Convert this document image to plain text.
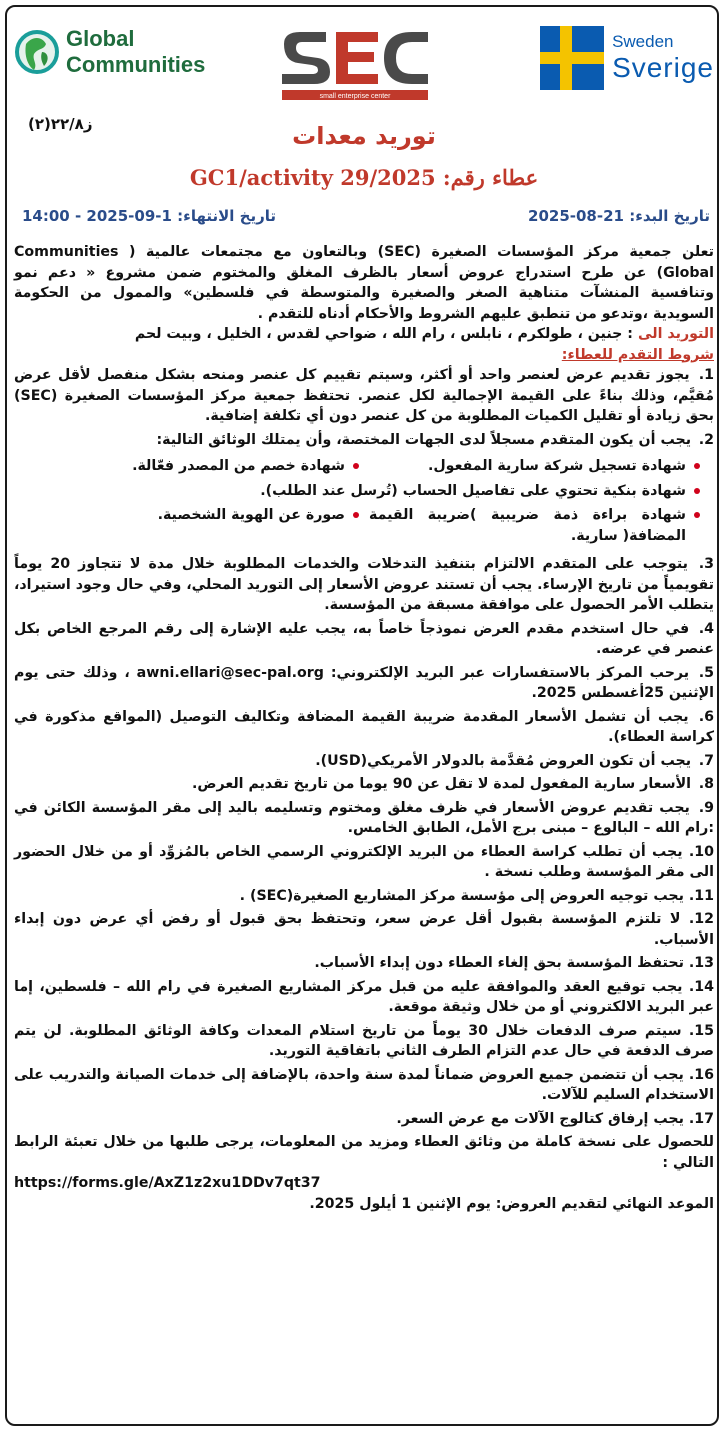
Global
Communities
small enterprise center
Sweden
Sverige
ز٢٢/٨(٢)	توريد معدات
عطاء رقم: GC1/activity 29/2025
تاريخ البدء: 21-08-2025
تاريخ الانتهاء: 1-09-2025 - 14:00

تعلن جمعية مركز المؤسسات الصغيرة (SEC) وبالتعاون مع مجتمعات عالمية ( Communities Global) عن طرح استدراج عروض أسعار بالظرف المغلق والمختوم ضمن مشروع « دعم نمو وتنافسية المنشآت متناهية الصغر والصغيرة والمتوسطة في فلسطين» والممول من الحكومة السويدية ،وتدعو من تنطبق عليهم الشروط والأحكام أدناه للتقدم .

التوريد الى : جنين ، طولكرم ، نابلس ، رام الله ، ضواحي لقدس ، الخليل ، وبيت لحم

شروط التقدم للعطاء:

1. يجوز تقديم عرض لعنصر واحد أو أكثر، وسيتم تقييم كل عنصر ومنحه بشكل منفصل لأقل عرض مُقيَّم، وذلك بناءً على القيمة الإجمالية لكل عنصر. تحتفظ جمعية مركز المؤسسات الصغيرة (SEC) بحق زيادة أو تقليل الكميات المطلوبة من كل عنصر دون أي تكلفة إضافية.
2. يجب أن يكون المتقدم مسجلاً لدى الجهات المختصة، وأن يمتلك الوثائق التالية:
شهادة تسجيل شركة سارية المفعول.
شهادة خصم من المصدر فعّالة.
شهادة بنكية تحتوي على تفاصيل الحساب (تُرسل عند الطلب).
شهادة براءة ذمة ضريبية )ضريبة القيمة المضافة( سارية.
صورة عن الهوية الشخصية.
3. يتوجب على المتقدم الالتزام بتنفيذ التدخلات والخدمات المطلوبة خلال مدة لا تتجاوز 20 يوماً تقويمياً من تاريخ الإرساء. يجب أن تستند عروض الأسعار إلى التوريد المحلي، وفي حال وجود استيراد، يتطلب الأمر الحصول على موافقة مسبقة من المؤسسة.
4. في حال استخدم مقدم العرض نموذجاً خاصاً به، يجب عليه الإشارة إلى رقم المرجع الخاص بكل عنصر في عرضه.
5. يرحب المركز بالاستفسارات عبر البريد الإلكتروني: awni.ellari@sec-pal.org ، وذلك حتى يوم الإثنين 25أغسطس 2025.
6. يجب أن تشمل الأسعار المقدمة ضريبة القيمة المضافة وتكاليف التوصيل (المواقع مذكورة في كراسة العطاء).
7. يجب أن تكون العروض مُقدَّمة بالدولار الأمريكي(USD).
8. الأسعار سارية المفعول لمدة لا تقل عن 90 يوما من تاريخ تقديم العرض.
9. يجب تقديم عروض الأسعار في ظرف مغلق ومختوم وتسليمه باليد إلى مقر المؤسسة الكائن في :رام الله – البالوع – مبنى برج الأمل، الطابق الخامس.
10. يجب أن تطلب كراسة العطاء من البريد الإلكتروني الرسمي الخاص بالمُزوِّد أو من خلال الحضور الى مقر المؤسسة وطلب نسخة .
11. يجب توجيه العروض إلى مؤسسة مركز المشاريع الصغيرة(SEC) .
12. لا تلتزم المؤسسة بقبول أقل عرض سعر، وتحتفظ بحق قبول أو رفض أي عرض دون إبداء الأسباب.
13. تحتفظ المؤسسة بحق إلغاء العطاء دون إبداء الأسباب.
14. يجب توقيع العقد والموافقة عليه من قبل مركز المشاريع الصغيرة في رام الله – فلسطين، إما عبر البريد الالكتروني أو من خلال وثيقة موقعة.
15. سيتم صرف الدفعات خلال 30 يوماً من تاريخ استلام المعدات وكافة الوثائق المطلوبة. لن يتم صرف الدفعة في حال عدم التزام الطرف الثاني باتفاقية التوريد.
16. يجب أن تتضمن جميع العروض ضماناً لمدة سنة واحدة، بالإضافة إلى خدمات الصيانة والتدريب على الاستخدام السليم للآلات.
17. يجب إرفاق كتالوج الآلات مع عرض السعر.

للحصول على نسخة كاملة من وثائق العطاء ومزيد من المعلومات، يرجى طلبها من خلال تعبئة الرابط التالي :

https://forms.gle/AxZ1z2xu1DDv7qt37

الموعد النهائي لتقديم العروض: يوم الإثنين 1 أيلول 2025.
